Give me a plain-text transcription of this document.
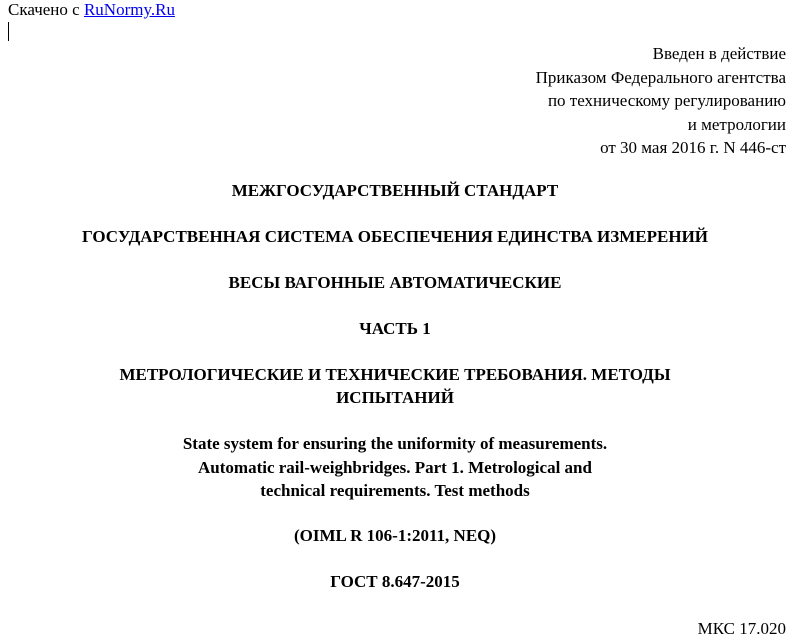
Скачено с RuNormy.Ru
Введен в действие
Приказом Федерального агентства
по техническому регулированию
и метрологии
от 30 мая 2016 г. N 446-ст
МЕЖГОСУДАРСТВЕННЫЙ СТАНДАРТ
ГОСУДАРСТВЕННАЯ СИСТЕМА ОБЕСПЕЧЕНИЯ ЕДИНСТВА ИЗМЕРЕНИЙ
ВЕСЫ ВАГОННЫЕ АВТОМАТИЧЕСКИЕ
ЧАСТЬ 1
МЕТРОЛОГИЧЕСКИЕ И ТЕХНИЧЕСКИЕ ТРЕБОВАНИЯ. МЕТОДЫ
ИСПЫТАНИЙ
State system for ensuring the uniformity of measurements.
Automatic rail-weighbridges. Part 1. Metrological and
technical requirements. Test methods
(OIML R 106-1:2011, NEQ)
ГОСТ 8.647-2015
МКС 17.020
